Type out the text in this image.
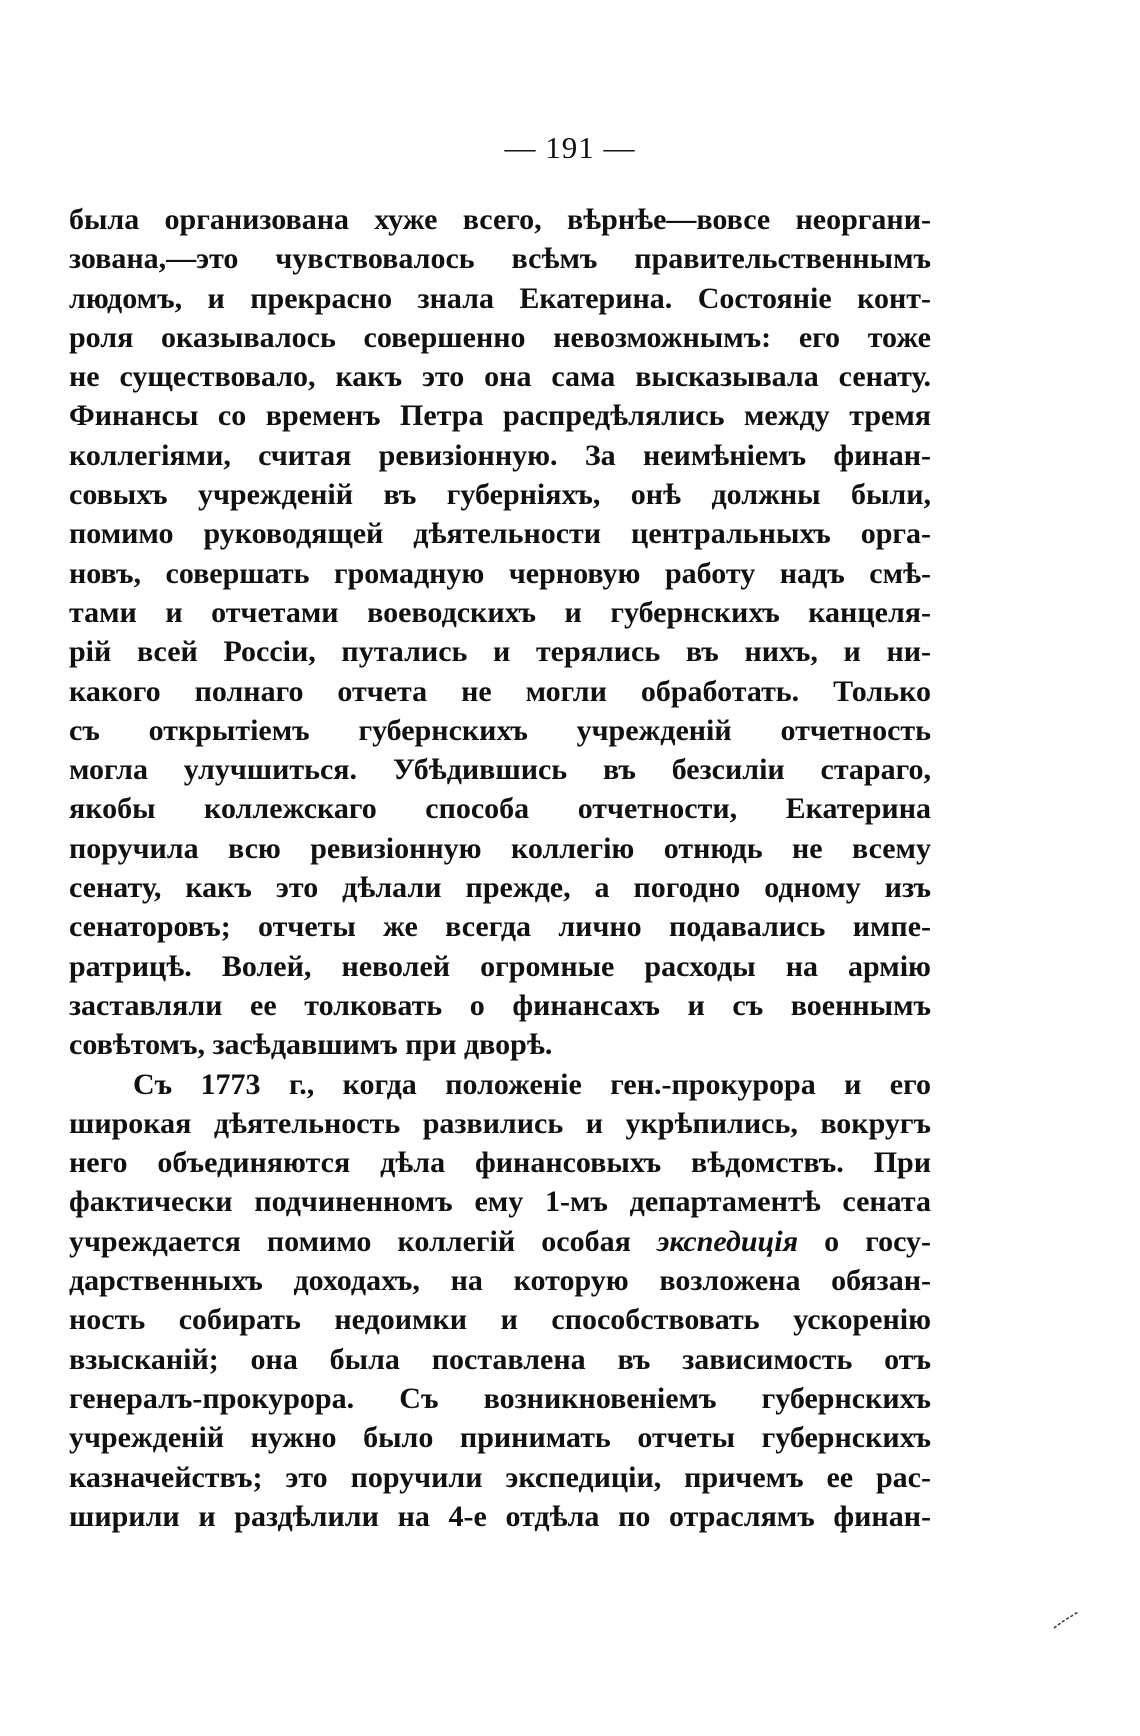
— 191 —
была организована хуже всего, вѣрнѣе—вовсе неоргани-
зована,—это чувствовалось всѣмъ правительственнымъ
людомъ, и прекрасно знала Екатерина. Состояніе конт-
роля оказывалось совершенно невозможнымъ: его тоже
не существовало, какъ это она сама высказывала сенату.
Финансы со временъ Петра распредѣлялись между тремя
коллегіями, считая ревизіонную. За неимѣніемъ финан-
совыхъ учрежденій въ губерніяхъ, онѣ должны были,
помимо руководящей дѣятельности центральныхъ орга-
новъ, совершать громадную черновую работу надъ смѣ-
тами и отчетами воеводскихъ и губернскихъ канцеля-
рій всей Россіи, путались и терялись въ нихъ, и ни-
какого полнаго отчета не могли обработать. Только
съ открытіемъ губернскихъ учрежденій отчетность
могла улучшиться. Убѣдившись въ безсиліи стараго,
якобы коллежскаго способа отчетности, Екатерина
поручила всю ревизіонную коллегію отнюдь не всему
сенату, какъ это дѣлали прежде, а погодно одному изъ
сенаторовъ; отчеты же всегда лично подавались импе-
ратрицѣ. Волей, неволей огромные расходы на армію
заставляли ее толковать о финансахъ и съ военнымъ
совѣтомъ, засѣдавшимъ при дворѣ.
Съ 1773 г., когда положеніе ген.-прокурора и его
широкая дѣятельность развились и укрѣпились, вокругъ
него объединяются дѣла финансовыхъ вѣдомствъ. При
фактически подчиненномъ ему 1-мъ департаментѣ сената
учреждается помимо коллегій особая экспедиція о госу-
дарственныхъ доходахъ, на которую возложена обязан-
ность собирать недоимки и способствовать ускоренію
взысканій; она была поставлена въ зависимость отъ
генералъ-прокурора. Съ возникновеніемъ губернскихъ
учрежденій нужно было принимать отчеты губернскихъ
казначействъ; это поручили экспедиціи, причемъ ее рас-
ширили и раздѣлили на 4-е отдѣла по отраслямъ финан-
